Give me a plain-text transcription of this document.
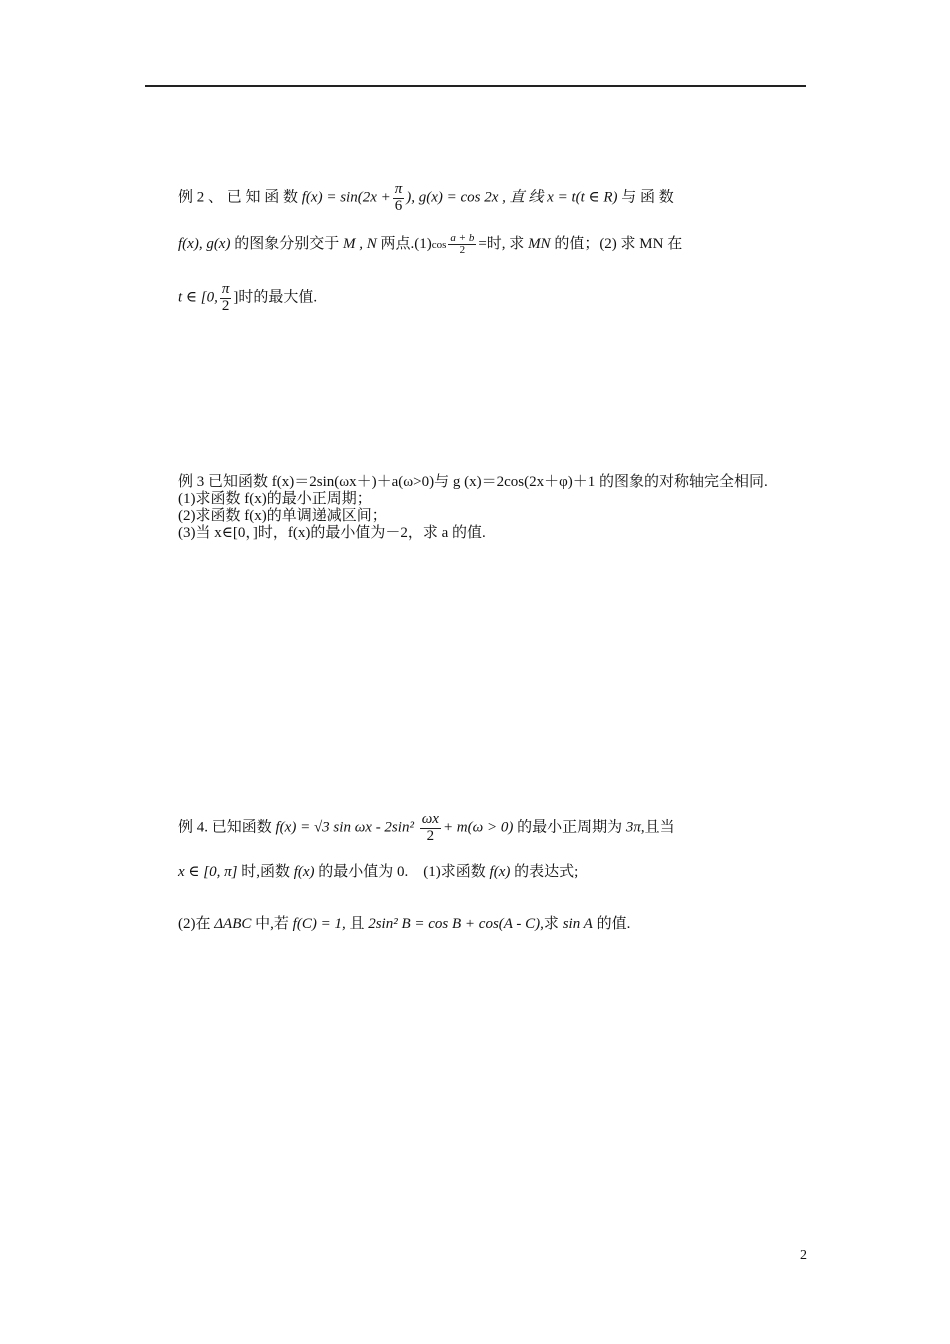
例 2 、 已 知 函 数 $f(x) = \sin(2x + \frac{\pi}{6}$ ), g(x) = cos 2x , 直 线 x = t(t ∈ R) 与 函 数
f(x), g(x) 的图象分别交于 M , N 两点$.(1)\cos \frac{a + b}{2}$ =时, 求 MN 的值；(2) 求 MN 在
t ∈ [0, $\frac{\pi}{2}$ ]时的最大值.
例 3 已知函数 f(x)＝2sin(ωx＋)＋a(ω>0)与 g (x)＝2cos(2x＋φ)＋1 的图象的对称轴完全相同.
(1)求函数 f(x)的最小正周期；
(2)求函数 f(x)的单调递减区间；
(3)当 x∈[0，]时，f(x)的最小值为－2，求 a 的值.
例 4. 已知函数 f(x) = √3 $\sin \omega x - 2\sin^2 \frac{\omega x}{2} + m(\omega > 0)$ 的最小正周期为 3π,且当
x ∈ [0, π] 时,函数 f(x) 的最小值为 0.　(1)求函数 f(x) 的表达式;
(2)在 ΔABC 中,若 f(C) = 1, 且 2sin² B = cos B + cos(A - C),求 sin A 的值.
2
